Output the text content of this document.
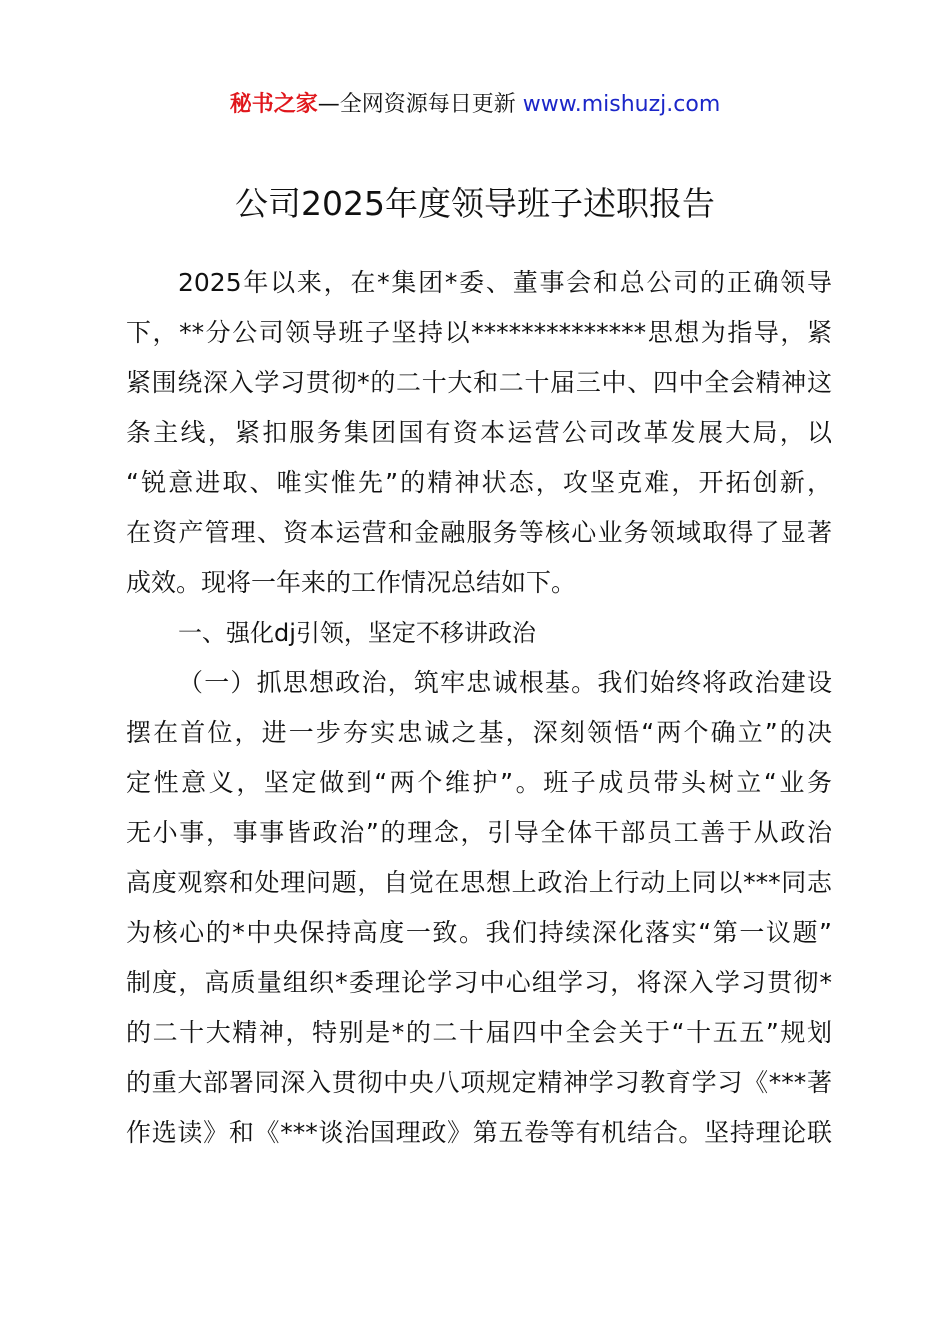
秘书之家—全网资源每日更新 www.mishuzj.com
公司2025年度领导班子述职报告
2025年以来，在*集团*委、董事会和总公司的正确领导
下，**分公司领导班子坚持以**************思想为指导，紧
紧围绕深入学习贯彻*的二十大和二十届三中、四中全会精神这
条主线，紧扣服务集团国有资本运营公司改革发展大局，以
“锐意进取、唯实惟先”的精神状态，攻坚克难，开拓创新，
在资产管理、资本运营和金融服务等核心业务领域取得了显著
成效。现将一年来的工作情况总结如下。
一、强化dj引领，坚定不移讲政治
（一）抓思想政治，筑牢忠诚根基。我们始终将政治建设
摆在首位，进一步夯实忠诚之基，深刻领悟“两个确立”的决
定性意义，坚定做到“两个维护”。班子成员带头树立“业务
无小事，事事皆政治”的理念，引导全体干部员工善于从政治
高度观察和处理问题，自觉在思想上政治上行动上同以***同志
为核心的*中央保持高度一致。我们持续深化落实“第一议题”
制度，高质量组织*委理论学习中心组学习，将深入学习贯彻*
的二十大精神，特别是*的二十届四中全会关于“十五五”规划
的重大部署同深入贯彻中央八项规定精神学习教育学习《***著
作选读》和《***谈治国理政》第五卷等有机结合。坚持理论联
